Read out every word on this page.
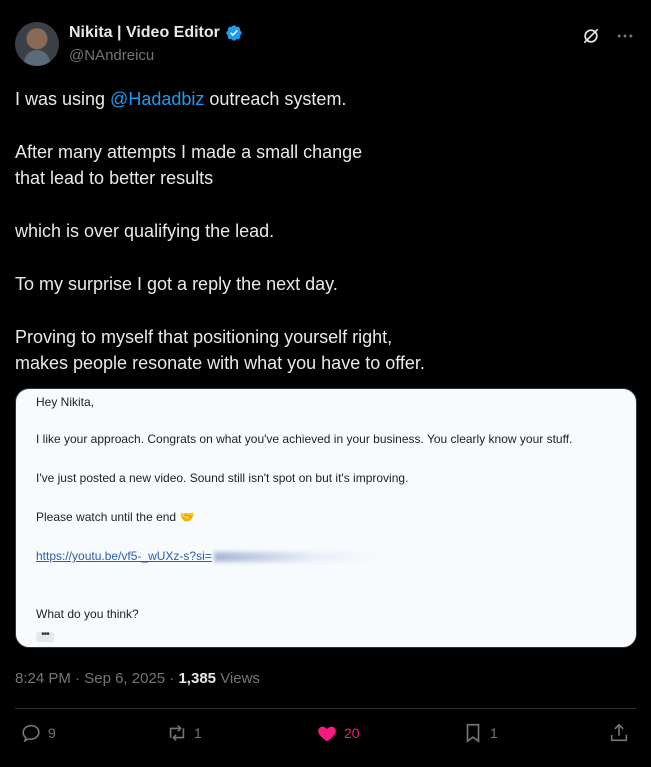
Nikita | Video Editor
@NAndreicu

I was using @Hadadbiz outreach system.

After many attempts I made a small change

that lead to better results

which is over qualifying the lead.

To my surprise I got a reply the next day.

Proving to myself that positioning yourself right,

makes people resonate with what you have to offer.

Hey Nikita,
I like your approach. Congrats on what you've achieved in your business. You clearly know your stuff.
I've just posted a new video. Sound still isn't spot on but it's improving.
Please watch until the end 🤝
https://youtu.be/vf5-_wUXz-s?si=
What do you think?
•••
8:24 PM · Sep 6, 2025 · 1,385 Views
9	1	20	1
